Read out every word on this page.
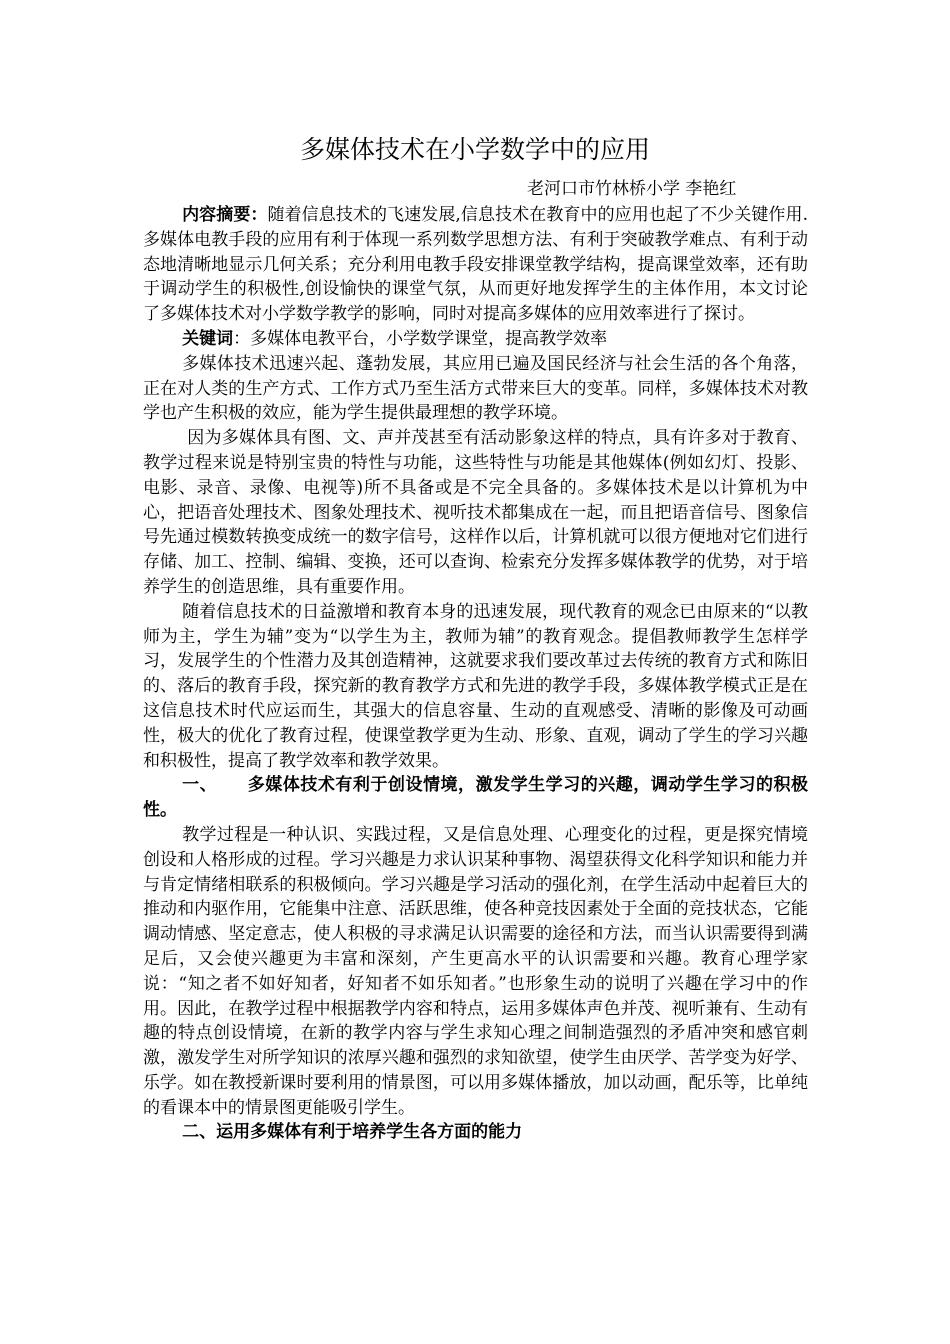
多媒体技术在小学数学中的应用
老河口市竹林桥小学 李艳红

内容摘要：随着信息技术的飞速发展,信息技术在教育中的应用也起了不少关键作用.多媒体电教手段的应用有利于体现一系列数学思想方法、有利于突破教学难点、有利于动态地清晰地显示几何关系；充分利用电教手段安排课堂教学结构，提高课堂效率，还有助于调动学生的积极性,创设愉快的课堂气氛，从而更好地发挥学生的主体作用，本文讨论了多媒体技术对小学数学教学的影响，同时对提高多媒体的应用效率进行了探讨。

关键词：多媒体电教平台，小学数学课堂，提高教学效率

多媒体技术迅速兴起、蓬勃发展，其应用已遍及国民经济与社会生活的各个角落，正在对人类的生产方式、工作方式乃至生活方式带来巨大的变革。同样，多媒体技术对教学也产生积极的效应，能为学生提供最理想的教学环境。

因为多媒体具有图、文、声并茂甚至有活动影象这样的特点，具有许多对于教育、教学过程来说是特别宝贵的特性与功能，这些特性与功能是其他媒体(例如幻灯、投影、电影、录音、录像、电视等)所不具备或是不完全具备的。多媒体技术是以计算机为中心，把语音处理技术、图象处理技术、视听技术都集成在一起，而且把语音信号、图象信号先通过模数转换变成统一的数字信号，这样作以后，计算机就可以很方便地对它们进行存储、加工、控制、编辑、变换，还可以查询、检索充分发挥多媒体教学的优势，对于培养学生的创造思维，具有重要作用。

随着信息技术的日益激增和教育本身的迅速发展，现代教育的观念已由原来的“以教师为主，学生为辅”变为“以学生为主，教师为辅”的教育观念。提倡教师教学生怎样学习，发展学生的个性潜力及其创造精神，这就要求我们要改革过去传统的教育方式和陈旧的、落后的教育手段，探究新的教育教学方式和先进的教学手段，多媒体教学模式正是在这信息技术时代应运而生，其强大的信息容量、生动的直观感受、清晰的影像及可动画性，极大的优化了教育过程，使课堂教学更为生动、形象、直观，调动了学生的学习兴趣和积极性，提高了教学效率和教学效果。

一、 多媒体技术有利于创设情境，激发学生学习的兴趣，调动学生学习的积极性。

教学过程是一种认识、实践过程，又是信息处理、心理变化的过程，更是探究情境创设和人格形成的过程。学习兴趣是力求认识某种事物、渴望获得文化科学知识和能力并与肯定情绪相联系的积极倾向。学习兴趣是学习活动的强化剂，在学生活动中起着巨大的推动和内驱作用，它能集中注意、活跃思维，使各种竞技因素处于全面的竞技状态，它能调动情感、坚定意志，使人积极的寻求满足认识需要的途径和方法，而当认识需要得到满足后，又会使兴趣更为丰富和深刻，产生更高水平的认识需要和兴趣。教育心理学家说：“知之者不如好知者，好知者不如乐知者。”也形象生动的说明了兴趣在学习中的作用。因此，在教学过程中根据教学内容和特点，运用多媒体声色并茂、视听兼有、生动有趣的特点创设情境，在新的教学内容与学生求知心理之间制造强烈的矛盾冲突和感官刺激，激发学生对所学知识的浓厚兴趣和强烈的求知欲望，使学生由厌学、苦学变为好学、乐学。如在教授新课时要利用的情景图，可以用多媒体播放，加以动画，配乐等，比单纯的看课本中的情景图更能吸引学生。

二、运用多媒体有利于培养学生各方面的能力
